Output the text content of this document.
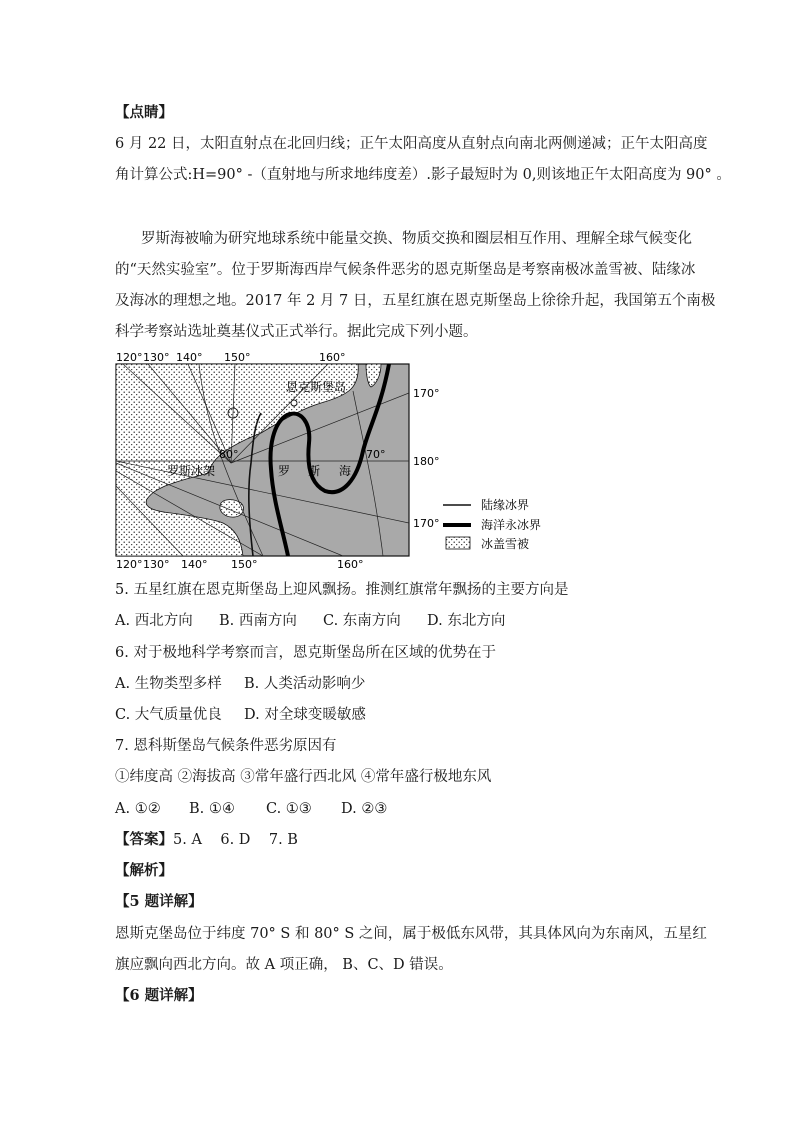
【点睛】
6 月 22 日，太阳直射点在北回归线；正午太阳高度从直射点向南北两侧递减；正午太阳高度
角计算公式:H=90° -（直射地与所求地纬度差）.影子最短时为 0,则该地正午太阳高度为 90° 。
罗斯海被喻为研究地球系统中能量交换、物质交换和圈层相互作用、理解全球气候变化
的“天然实验室”。位于罗斯海西岸气候条件恶劣的恩克斯堡岛是考察南极冰盖雪被、陆缘冰
及海冰的理想之地。2017 年 2 月 7 日，五星红旗在恩克斯堡岛上徐徐升起，我国第五个南极
科学考察站选址奠基仪式正式举行。据此完成下列小题。
120° 130° 140° 150°	160°
120° 130° 140° 150°	160°
170°
180°
170°
80°	70°
恩克斯堡岛
罗斯冰架	罗 斯 海
陆缘冰界
海洋永冰界
冰盖雪被
5. 五星红旗在恩克斯堡岛上迎风飘扬。推测红旗常年飘扬的主要方向是
A. 西北方向 B. 西南方向 C. 东南方向 D. 东北方向
6. 对于极地科学考察而言，恩克斯堡岛所在区域的优势在于
A. 生物类型多样 B. 人类活动影响少
C. 大气质量优良 D. 对全球变暖敏感
7. 恩科斯堡岛气候条件恶劣原因有
①纬度高 ②海拔高 ③常年盛行西北风 ④常年盛行极地东风
A. ①② B. ①④ C. ①③ D. ②③
【答案】5. A    6. D    7. B
【解析】
【5 题详解】
恩斯克堡岛位于纬度 70° S 和 80° S 之间，属于极低东风带，其具体风向为东南风，五星红
旗应飘向西北方向。故 A 项正确， B、C、D 错误。
【6 题详解】
